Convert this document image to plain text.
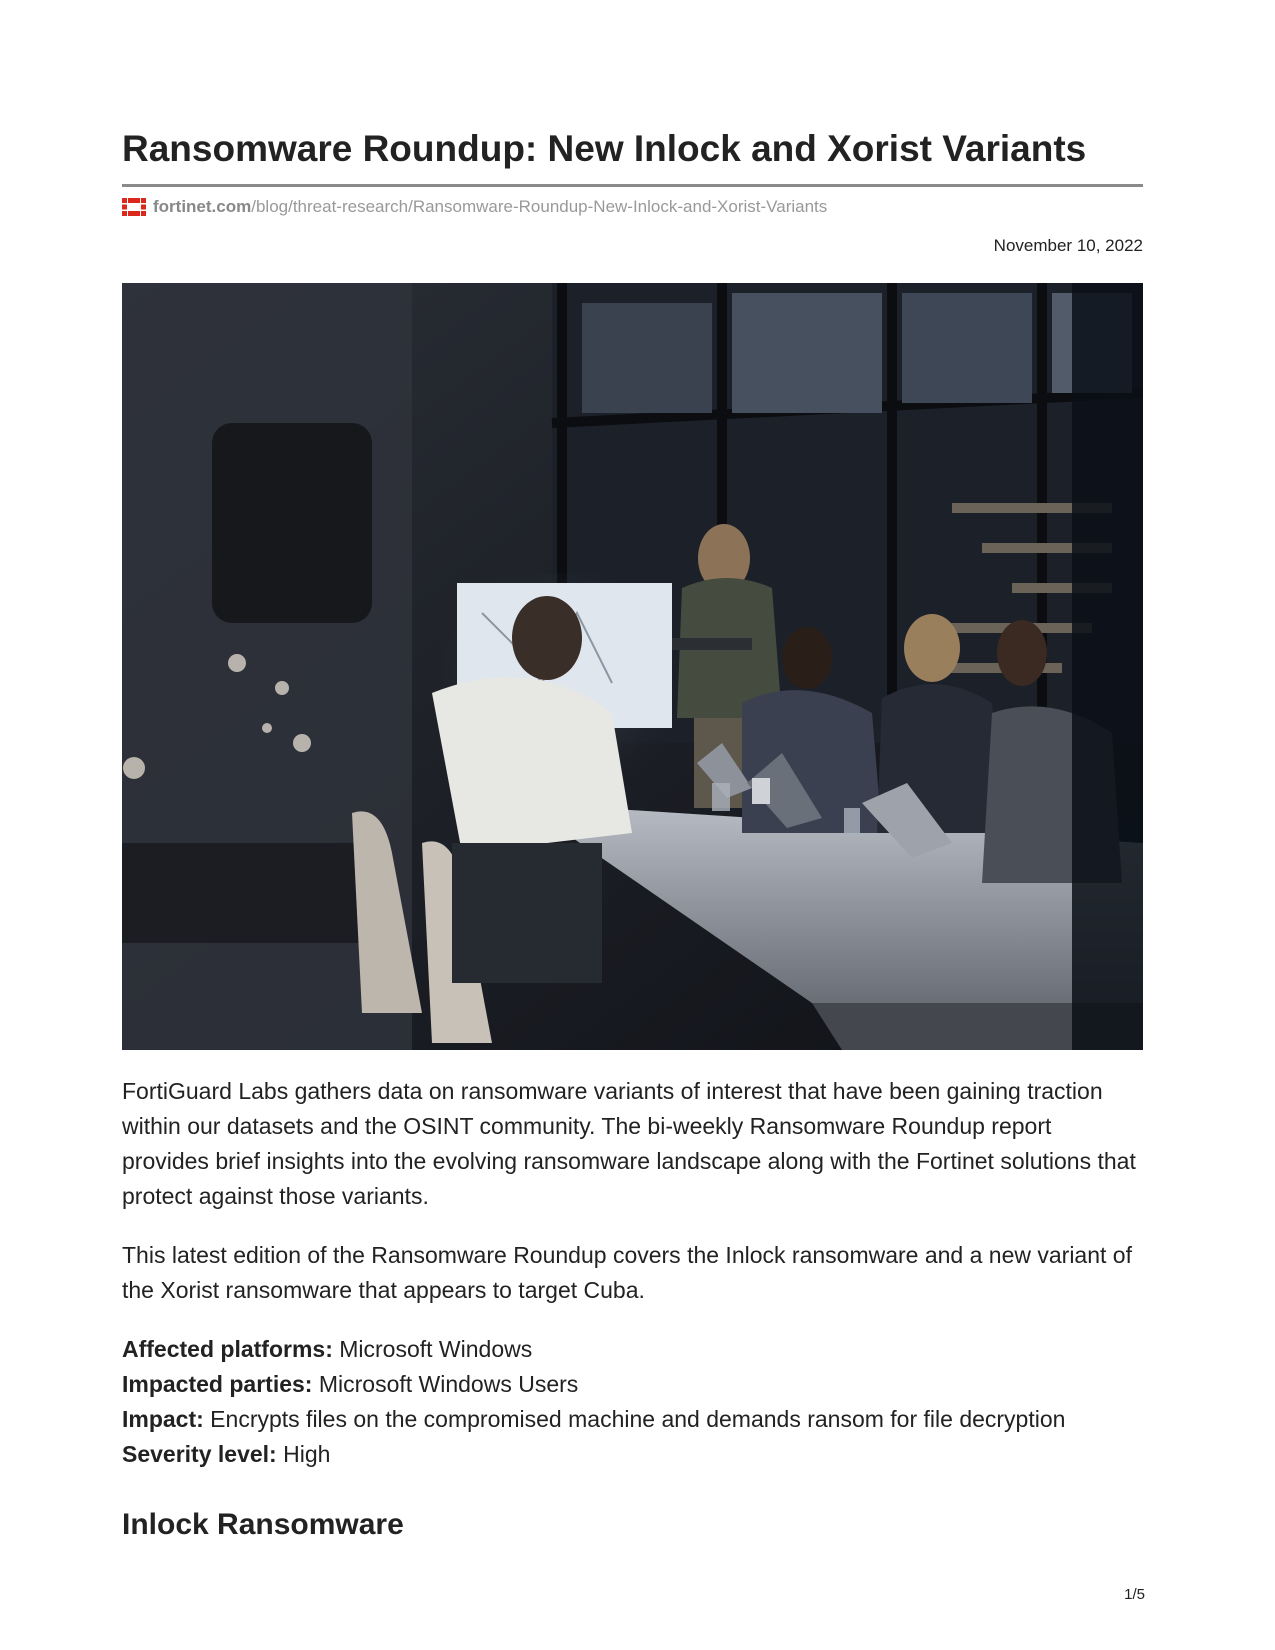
Ransomware Roundup: New Inlock and Xorist Variants
fortinet.com /blog/threat-research/Ransomware-Roundup-New-Inlock-and-Xorist-Variants
November 10, 2022

FortiGuard Labs gathers data on ransomware variants of interest that have been gaining traction within our datasets and the OSINT community. The bi-weekly Ransomware Roundup report provides brief insights into the evolving ransomware landscape along with the Fortinet solutions that protect against those variants.

This latest edition of the Ransomware Roundup covers the Inlock ransomware and a new variant of the Xorist ransomware that appears to target Cuba.

Affected platforms: Microsoft Windows
Impacted parties: Microsoft Windows Users
Impact: Encrypts files on the compromised machine and demands ransom for file decryption
Severity level: High
Inlock Ransomware
1/5
